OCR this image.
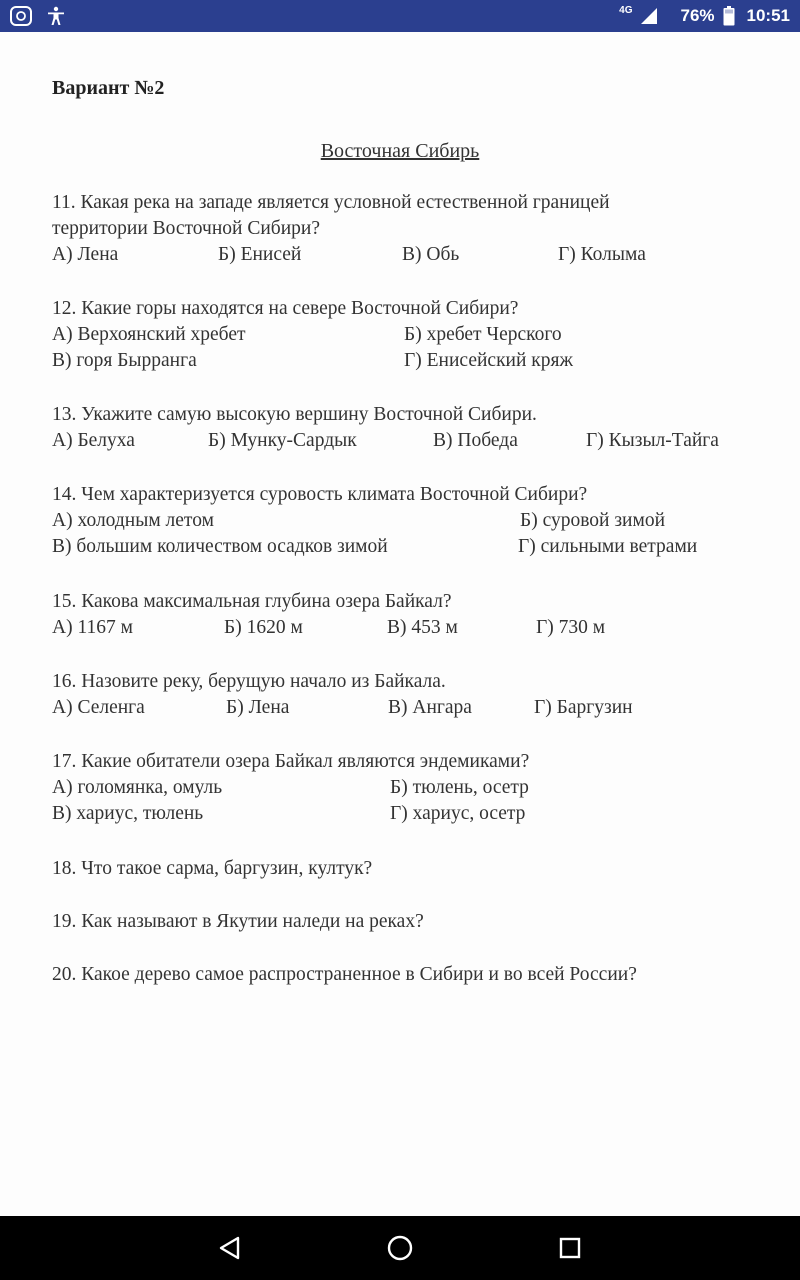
4G	76% 10:51
Вариант №2
Восточная Сибирь
11. Какая река на западе является условной естественной границей
территории Восточной Сибири?
А) Лена	Б) Енисей	В) Обь	Г) Колыма
12. Какие горы находятся на севере Восточной Сибири?
А) Верхоянский хребет	Б) хребет Черского
В) горя Бырранга	Г) Енисейский кряж
13. Укажите самую высокую вершину Восточной Сибири.
А) Белуха	Б) Мунку-Сардык	В) Победа	Г) Кызыл-Тайга
14. Чем характеризуется суровость климата Восточной Сибири?
А) холодным летом	Б) суровой зимой
В) большим количеством осадков зимой	Г) сильными ветрами
15. Какова максимальная глубина озера Байкал?
А) 1167 м	Б) 1620 м	В) 453 м	Г) 730 м
16. Назовите реку, берущую начало из Байкала.
А) Селенга	Б) Лена	В) Ангара	Г) Баргузин
17. Какие обитатели озера Байкал являются эндемиками?
А) голомянка, омуль	Б) тюлень, осетр
В) хариус, тюлень	Г) хариус, осетр
18. Что такое сарма, баргузин, култук?
19. Как называют в Якутии наледи на реках?
20. Какое дерево самое распространенное в Сибири и во всей России?
